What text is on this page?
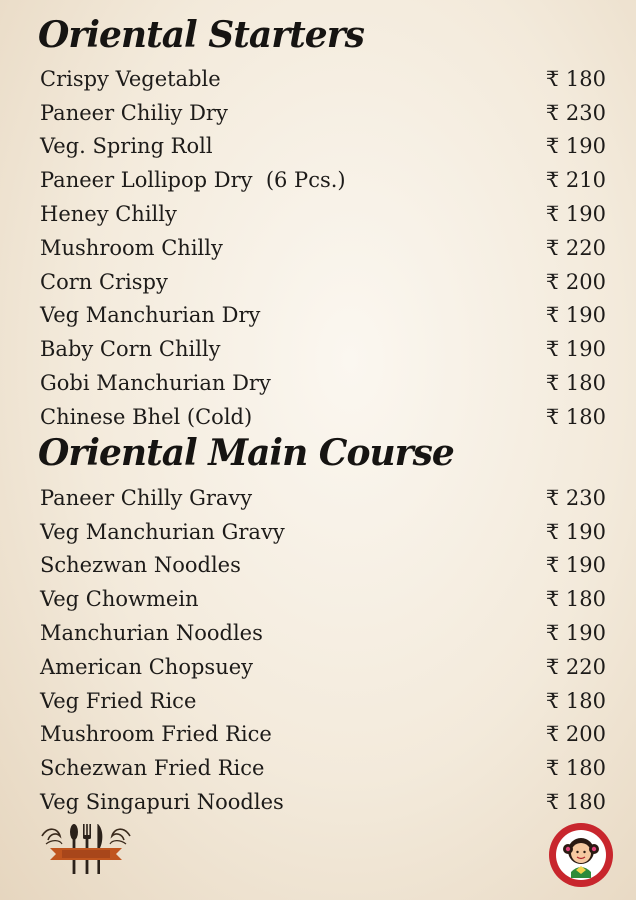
Oriental Starters
Crispy Vegetable	₹ 180
Paneer Chiliy Dry	₹ 230
Veg. Spring Roll	₹ 190
Paneer Lollipop Dry  (6 Pcs.)	₹ 210
Heney Chilly	₹ 190
Mushroom Chilly	₹ 220
Corn Crispy	₹ 200
Veg Manchurian Dry	₹ 190
Baby Corn Chilly	₹ 190
Gobi Manchurian Dry	₹ 180
Chinese Bhel (Cold)	₹ 180
Oriental Main Course
Paneer Chilly Gravy	₹ 230
Veg Manchurian Gravy	₹ 190
Schezwan Noodles	₹ 190
Veg Chowmein	₹ 180
Manchurian Noodles	₹ 190
American Chopsuey	₹ 220
Veg Fried Rice	₹ 180
Mushroom Fried Rice	₹ 200
Schezwan Fried Rice	₹ 180
Veg Singapuri Noodles	₹ 180
